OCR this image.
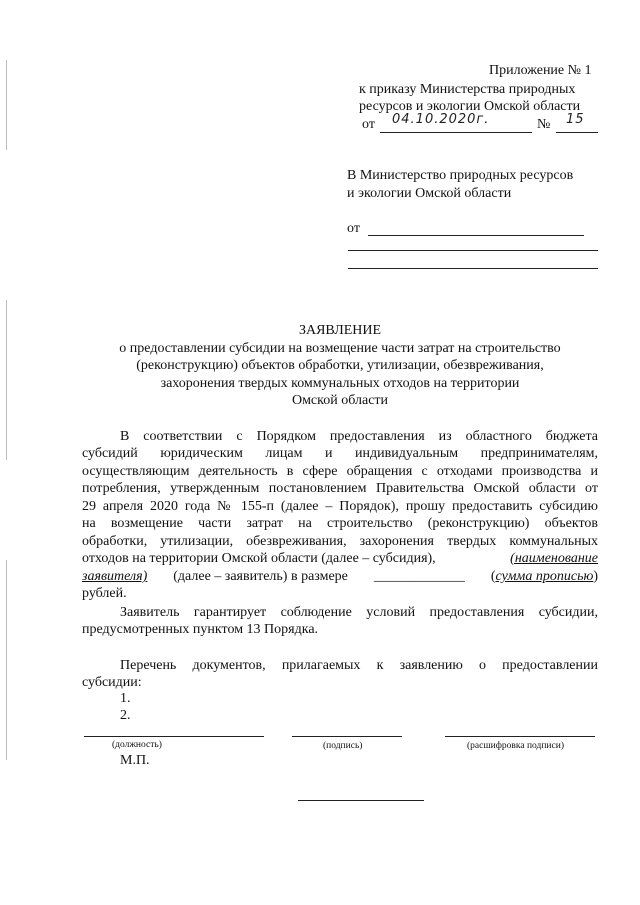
Приложение № 1
к приказу Министерства природных
ресурсов и экологии Омской области
от 04.10.2020г.	№ 15
В Министерство природных ресурсов
и экологии Омской области
от
ЗАЯВЛЕНИЕ
о предоставлении субсидии на возмещение части затрат на строительство
(реконструкцию) объектов обработки, утилизации, обезвреживания,
захоронения твердых коммунальных отходов на территории
Омской области
В соответствии с Порядком предоставления из областного бюджета
субсидий юридическим лицам и индивидуальным предпринимателям,
осуществляющим деятельность в сфере обращения с отходами производства и
потребления, утвержденным постановлением Правительства Омской области от
29 апреля 2020 года № 155-п (далее – Порядок), прошу предоставить субсидию
на возмещение части затрат на строительство (реконструкцию) объектов
обработки, утилизации, обезвреживания, захоронения твердых коммунальных
отходов на территории Омской области (далее – субсидия),	(наименование
заявителя) (далее – заявитель) в размере _____________ (сумма прописью)
рублей.
Заявитель гарантирует соблюдение условий предоставления субсидии,
предусмотренных пунктом 13 Порядка.
Перечень документов, прилагаемых к заявлению о предоставлении
субсидии:
1.
2.
(должность)	(подпись)	(расшифровка подписи)
М.П.
